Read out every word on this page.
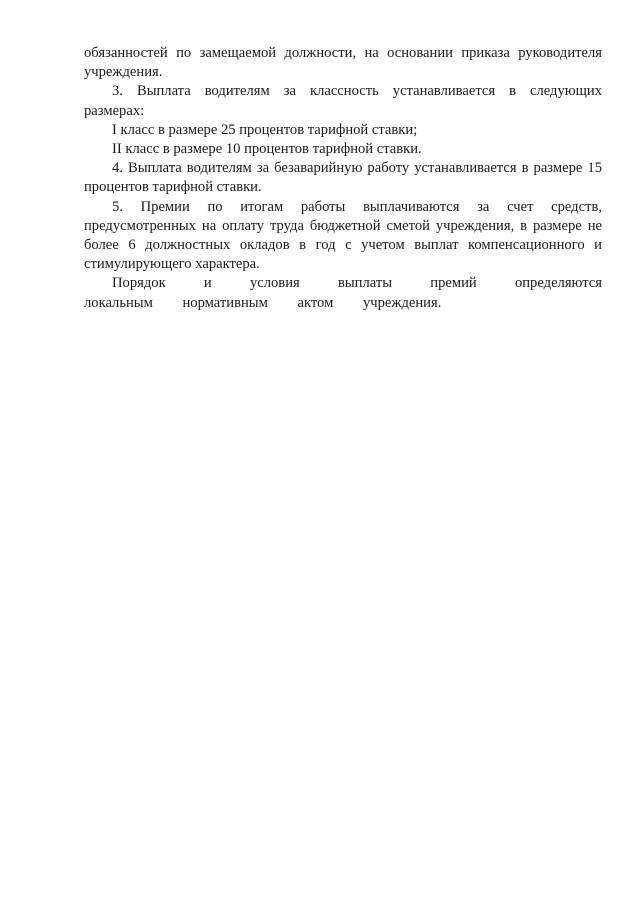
обязанностей по замещаемой должности, на основании приказа руководителя учреждения.

3. Выплата водителям за классность устанавливается в следующих размерах:

I класс в размере 25 процентов тарифной ставки;

II класс в размере 10 процентов тарифной ставки.

4. Выплата водителям за безаварийную работу устанавливается в размере 15 процентов тарифной ставки.

5. Премии по итогам работы выплачиваются за счет средств, предусмотренных на оплату труда бюджетной сметой учреждения, в размере не более 6 должностных окладов в год с учетом выплат компенсационного и стимулирующего характера.

Порядок и условия выплаты премий определяются локальным нормативным актом учреждения.
